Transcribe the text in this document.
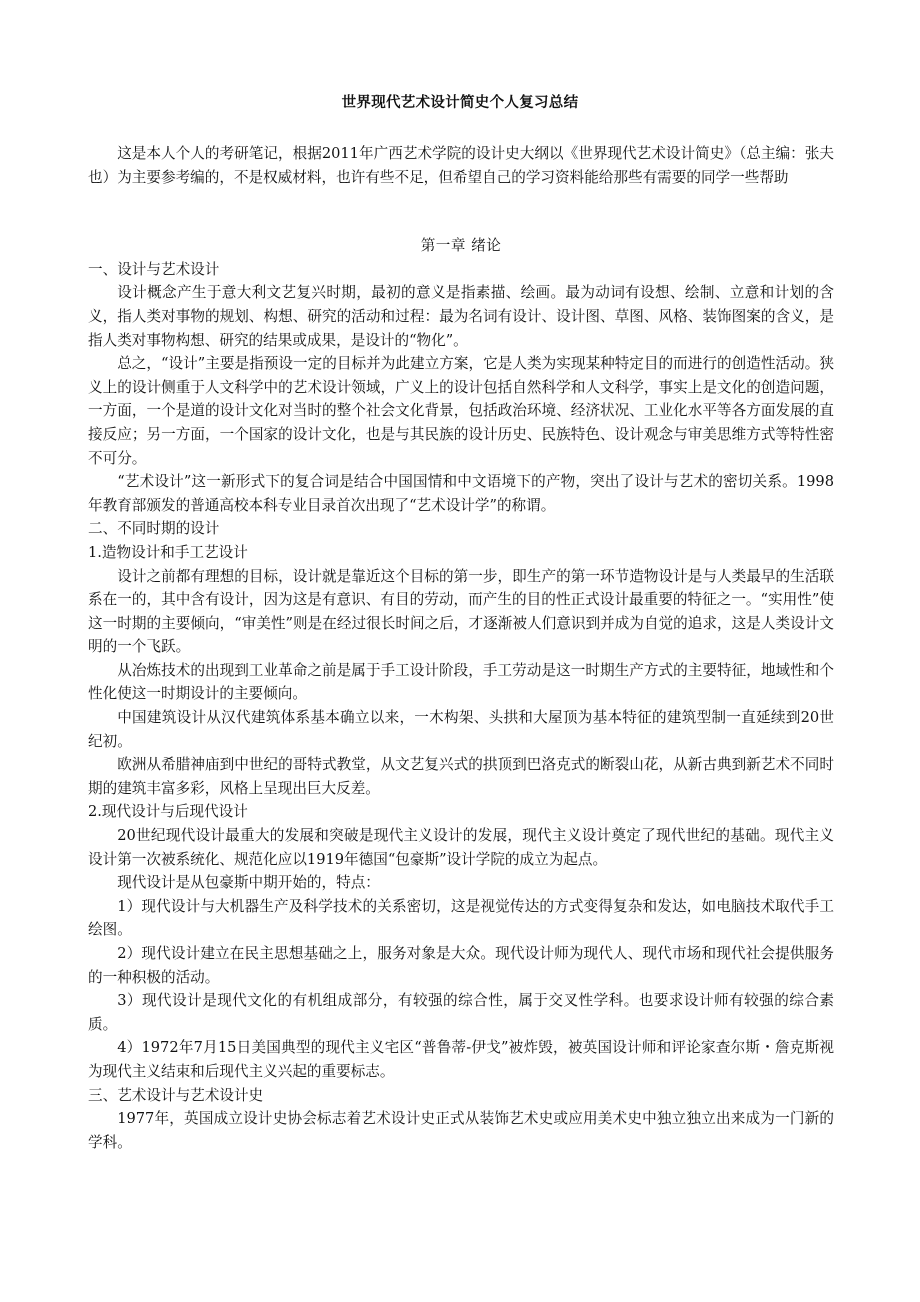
世界现代艺术设计简史个人复习总结

这是本人个人的考研笔记，根据2011年广西艺术学院的设计史大纲以《世界现代艺术设计简史》（总主编：张夫也）为主要参考编的，不是权威材料，也许有些不足，但希望自己的学习资料能给那些有需要的同学一些帮助

第一章 绪论
一、设计与艺术设计

设计概念产生于意大利文艺复兴时期，最初的意义是指素描、绘画。最为动词有设想、绘制、立意和计划的含义，指人类对事物的规划、构想、研究的活动和过程：最为名词有设计、设计图、草图、风格、装饰图案的含义，是指人类对事物构想、研究的结果或成果，是设计的“物化”。

总之，“设计”主要是指预设一定的目标并为此建立方案，它是人类为实现某种特定目的而进行的创造性活动。狭义上的设计侧重于人文科学中的艺术设计领域，广义上的设计包括自然科学和人文科学，事实上是文化的创造问题，一方面，一个是道的设计文化对当时的整个社会文化背景，包括政治环境、经济状况、工业化水平等各方面发展的直接反应；另一方面，一个国家的设计文化，也是与其民族的设计历史、民族特色、设计观念与审美思维方式等特性密不可分。

“艺术设计”这一新形式下的复合词是结合中国国情和中文语境下的产物，突出了设计与艺术的密切关系。1998年教育部颁发的普通高校本科专业目录首次出现了“艺术设计学”的称谓。

二、不同时期的设计
1.造物设计和手工艺设计

设计之前都有理想的目标，设计就是靠近这个目标的第一步，即生产的第一环节造物设计是与人类最早的生活联系在一的，其中含有设计，因为这是有意识、有目的劳动，而产生的目的性正式设计最重要的特征之一。“实用性”使这一时期的主要倾向，“审美性”则是在经过很长时间之后，才逐渐被人们意识到并成为自觉的追求，这是人类设计文明的一个飞跃。

从冶炼技术的出现到工业革命之前是属于手工设计阶段，手工劳动是这一时期生产方式的主要特征，地域性和个性化使这一时期设计的主要倾向。

中国建筑设计从汉代建筑体系基本确立以来，一木构架、头拱和大屋顶为基本特征的建筑型制一直延续到20世纪初。

欧洲从希腊神庙到中世纪的哥特式教堂，从文艺复兴式的拱顶到巴洛克式的断裂山花，从新古典到新艺术不同时期的建筑丰富多彩，风格上呈现出巨大反差。

2.现代设计与后现代设计

20世纪现代设计最重大的发展和突破是现代主义设计的发展，现代主义设计奠定了现代世纪的基础。现代主义设计第一次被系统化、规范化应以1919年德国“包豪斯”设计学院的成立为起点。

现代设计是从包豪斯中期开始的，特点：

1）现代设计与大机器生产及科学技术的关系密切，这是视觉传达的方式变得复杂和发达，如电脑技术取代手工绘图。

2）现代设计建立在民主思想基础之上，服务对象是大众。现代设计师为现代人、现代市场和现代社会提供服务的一种积极的活动。

3）现代设计是现代文化的有机组成部分，有较强的综合性，属于交叉性学科。也要求设计师有较强的综合素质。

4）1972年7月15日美国典型的现代主义宅区“普鲁蒂-伊戈”被炸毁，被英国设计师和评论家查尔斯・詹克斯视为现代主义结束和后现代主义兴起的重要标志。

三、艺术设计与艺术设计史

1977年，英国成立设计史协会标志着艺术设计史正式从装饰艺术史或应用美术史中独立独立出来成为一门新的学科。
